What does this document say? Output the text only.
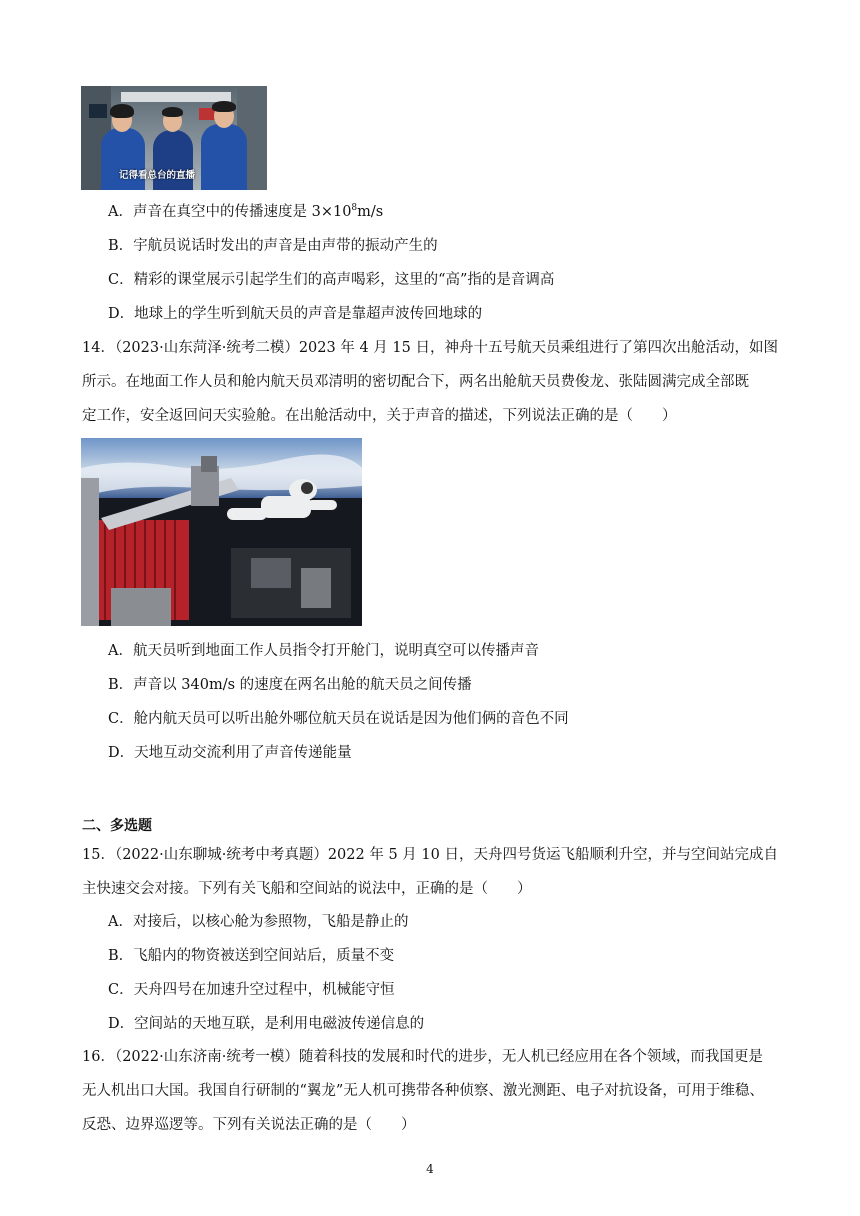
记得看总台的直播
A．声音在真空中的传播速度是 $3\times 10^8m/s$
B．宇航员说话时发出的声音是由声带的振动产生的
C．精彩的课堂展示引起学生们的高声喝彩，这里的“高”指的是音调高
D．地球上的学生听到航天员的声音是靠超声波传回地球的
14．（2023·山东菏泽·统考二模）2023 年 4 月 15 日，神舟十五号航天员乘组进行了第四次出舱活动，如图
所示。在地面工作人员和舱内航天员邓清明的密切配合下，两名出舱航天员费俊龙、张陆圆满完成全部既
定工作，安全返回问天实验舱。在出舱活动中，关于声音的描述，下列说法正确的是（　　）
A．航天员听到地面工作人员指令打开舱门，说明真空可以传播声音
B．声音以 340m/s 的速度在两名出舱的航天员之间传播
C．舱内航天员可以听出舱外哪位航天员在说话是因为他们俩的音色不同
D．天地互动交流利用了声音传递能量
二、多选题
15．（2022·山东聊城·统考中考真题）2022 年 5 月 10 日，天舟四号货运飞船顺利升空，并与空间站完成自
主快速交会对接。下列有关飞船和空间站的说法中，正确的是（　　）
A．对接后，以核心舱为参照物，飞船是静止的
B．飞船内的物资被送到空间站后，质量不变
C．天舟四号在加速升空过程中，机械能守恒
D．空间站的天地互联，是利用电磁波传递信息的
16．（2022·山东济南·统考一模）随着科技的发展和时代的进步，无人机已经应用在各个领域，而我国更是
无人机出口大国。我国自行研制的“翼龙”无人机可携带各种侦察、激光测距、电子对抗设备，可用于维稳、
反恐、边界巡逻等。下列有关说法正确的是（　　）
4
